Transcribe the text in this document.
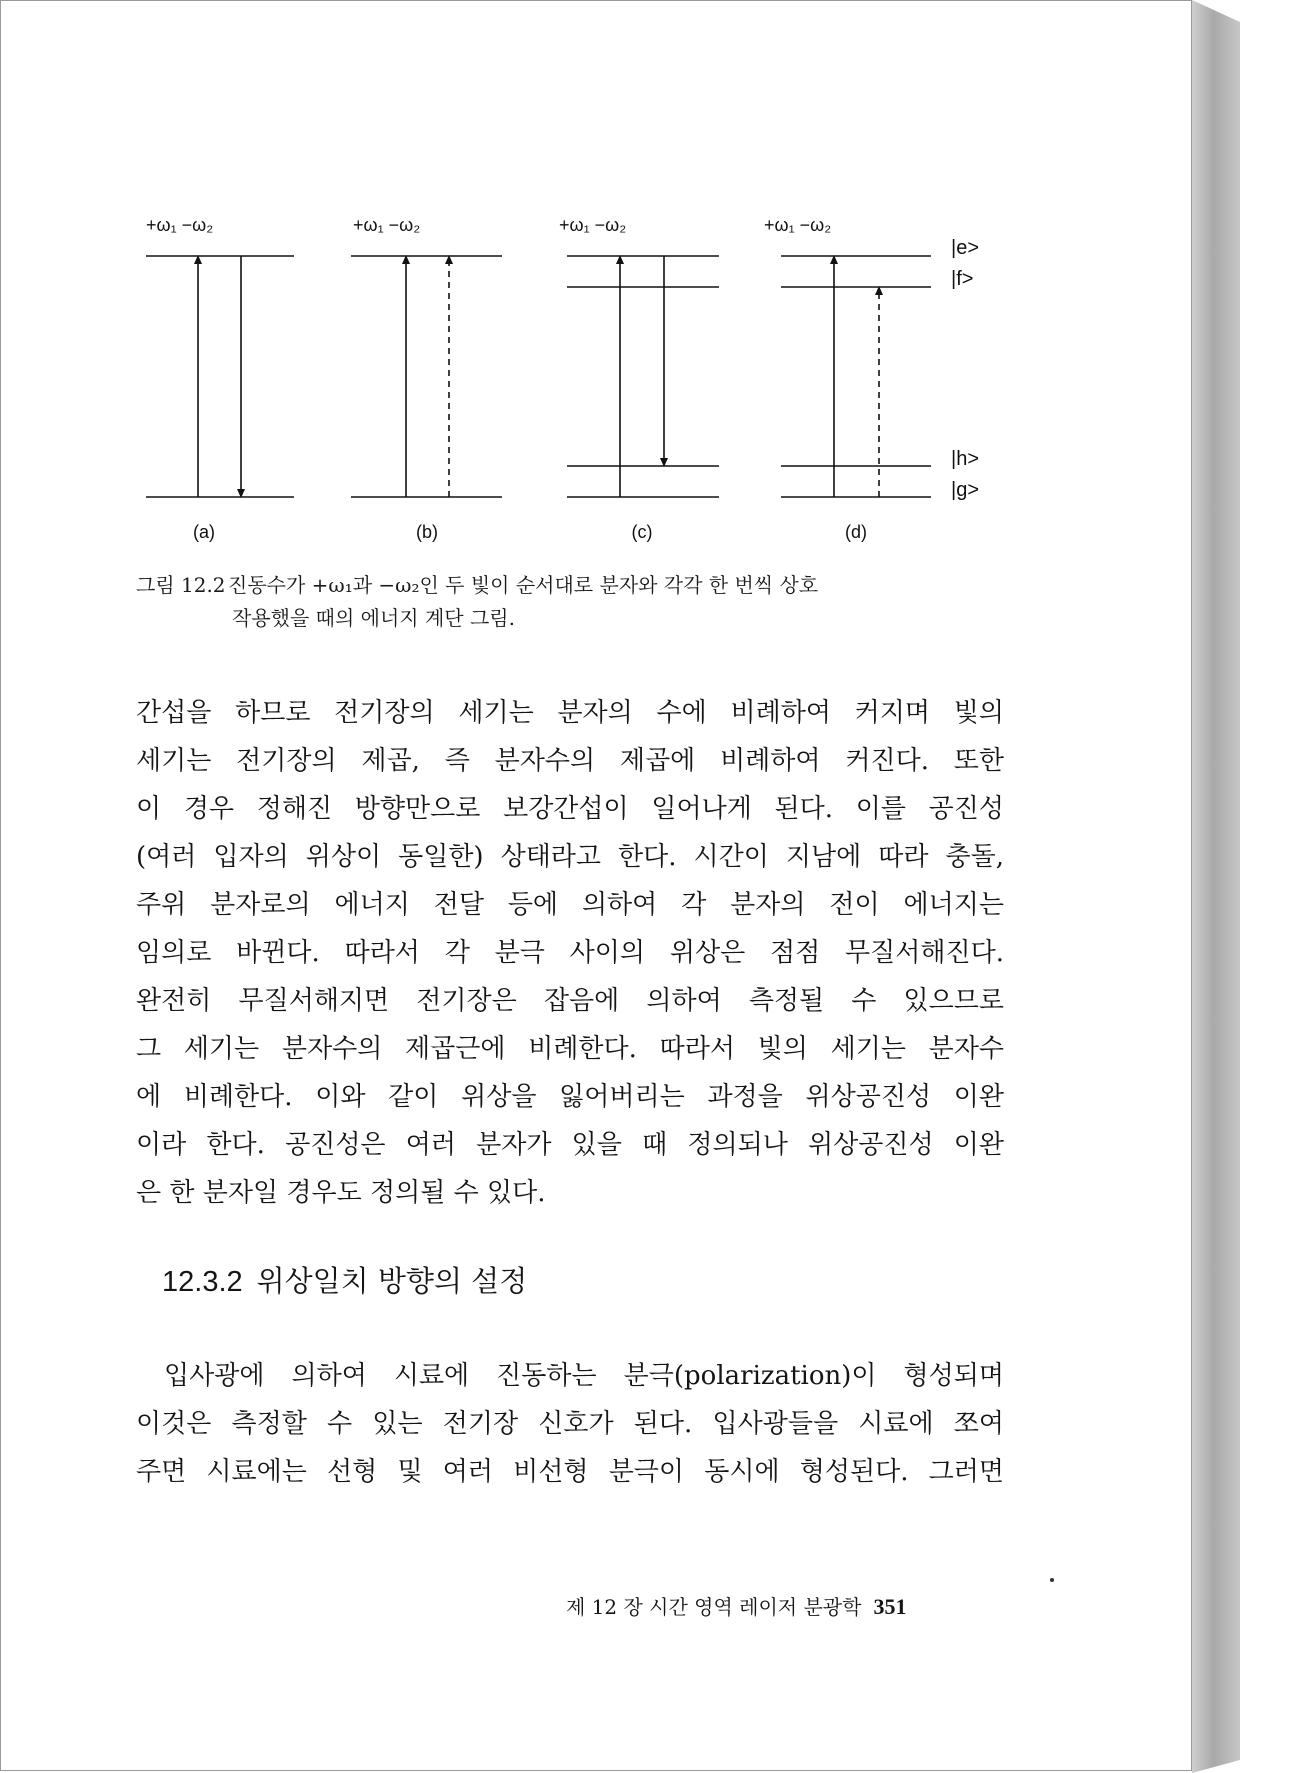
+ω₁ −ω₂	+ω₁ −ω₂	+ω₁ −ω₂	+ω₁ −ω₂
|e>
|f>
|h>
|g>
(a)	(b)	(c)	(d)
그림 12.2 진동수가 +ω₁과 −ω₂인 두 빛이 순서대로 분자와 각각 한 번씩 상호
작용했을 때의 에너지 계단 그림.
간섭을 하므로 전기장의 세기는 분자의 수에 비례하여 커지며 빛의
세기는 전기장의 제곱, 즉 분자수의 제곱에 비례하여 커진다. 또한
이 경우 정해진 방향만으로 보강간섭이 일어나게 된다. 이를 공진성
(여러 입자의 위상이 동일한) 상태라고 한다. 시간이 지남에 따라 충돌,
주위 분자로의 에너지 전달 등에 의하여 각 분자의 전이 에너지는
임의로 바뀐다. 따라서 각 분극 사이의 위상은 점점 무질서해진다.
완전히 무질서해지면 전기장은 잡음에 의하여 측정될 수 있으므로
그 세기는 분자수의 제곱근에 비례한다. 따라서 빛의 세기는 분자수
에 비례한다. 이와 같이 위상을 잃어버리는 과정을 위상공진성 이완
이라 한다. 공진성은 여러 분자가 있을 때 정의되나 위상공진성 이완
은 한 분자일 경우도 정의될 수 있다.
12.3.2 위상일치 방향의 설정
입사광에 의하여 시료에 진동하는 분극(polarization)이 형성되며
이것은 측정할 수 있는 전기장 신호가 된다. 입사광들을 시료에 쪼여
주면 시료에는 선형 및 여러 비선형 분극이 동시에 형성된다. 그러면
제 12 장 시간 영역 레이저 분광학 351
